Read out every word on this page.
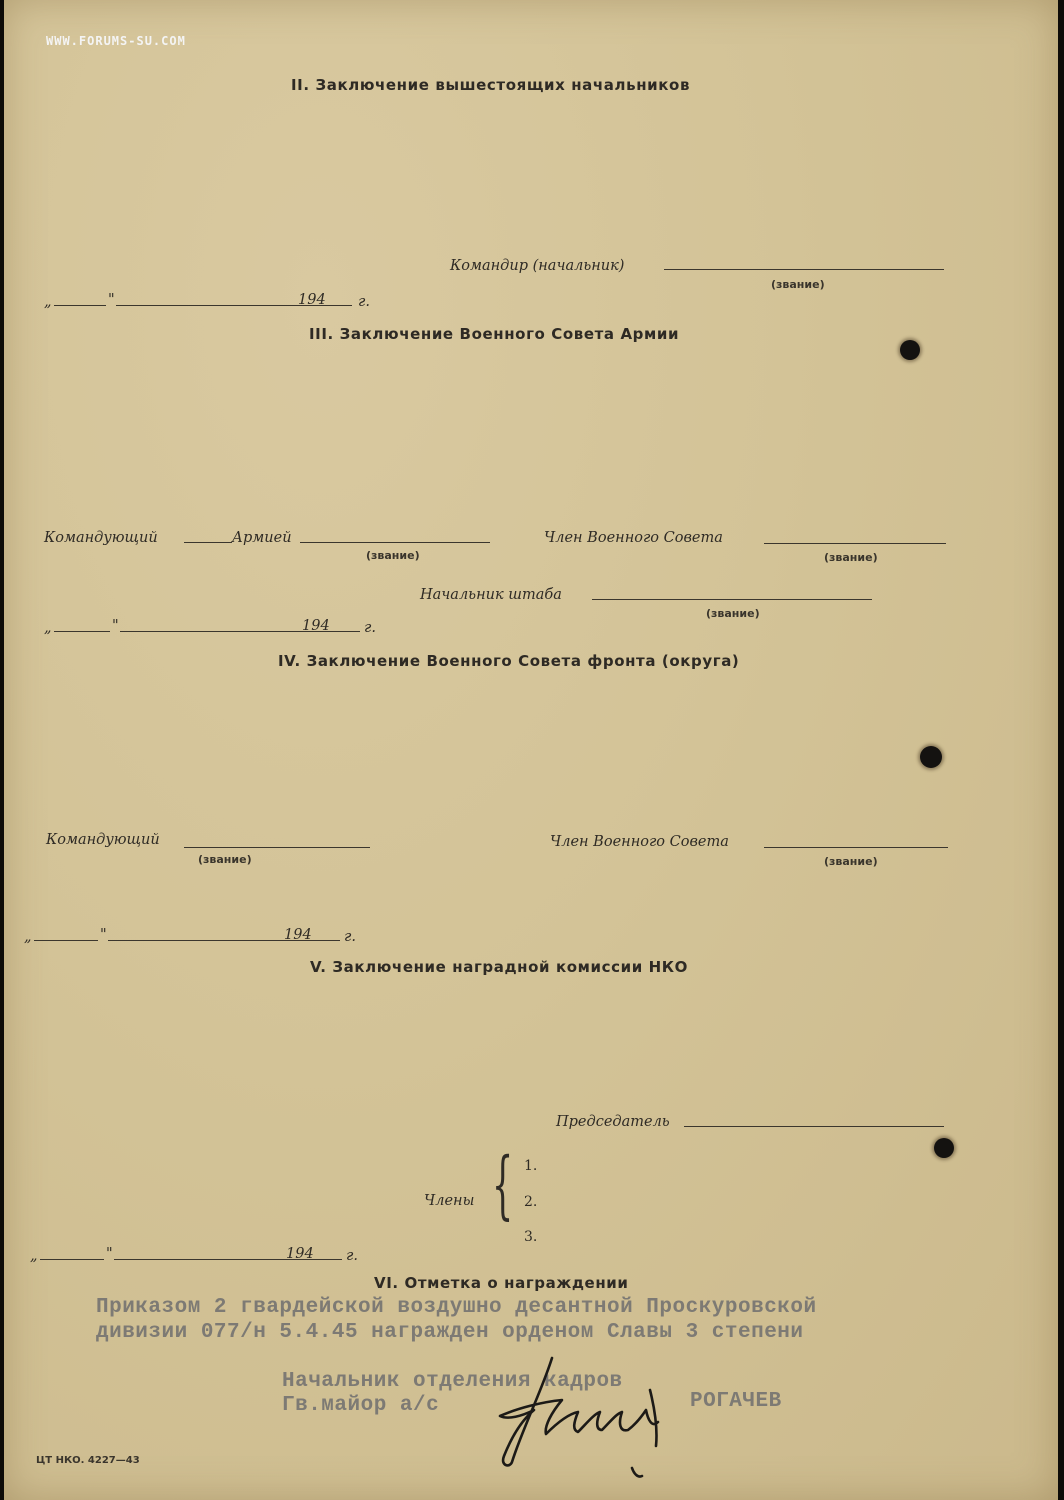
WWW.FORUMS-SU.COM
II. Заключение вышестоящих начальников
Командир (начальник)
(звание)
„	"	194 г.
III. Заключение Военного Совета Армии
Командующий	Армией
(звание)
Член Военного Совета
(звание)
Начальник штаба
(звание)
„	"	194 г.
IV. Заключение Военного Совета фронта (округа)
Командующий
(звание)
Член Военного Совета
(звание)
„	"	194 г.
V. Заключение наградной комиссии НКО
Председатель
Члены { 1.
2.
3.
„	"	194 г.
VI. Отметка о награждении
Приказом 2 гвардейской воздушно десантной Проскуровской
дивизии 077/н 5.4.45 награжден орденом Славы 3 степени
Начальник отделения кадров
Гв.майор а/с	РОГАЧЕВ
ЦТ НКО. 4227—43
